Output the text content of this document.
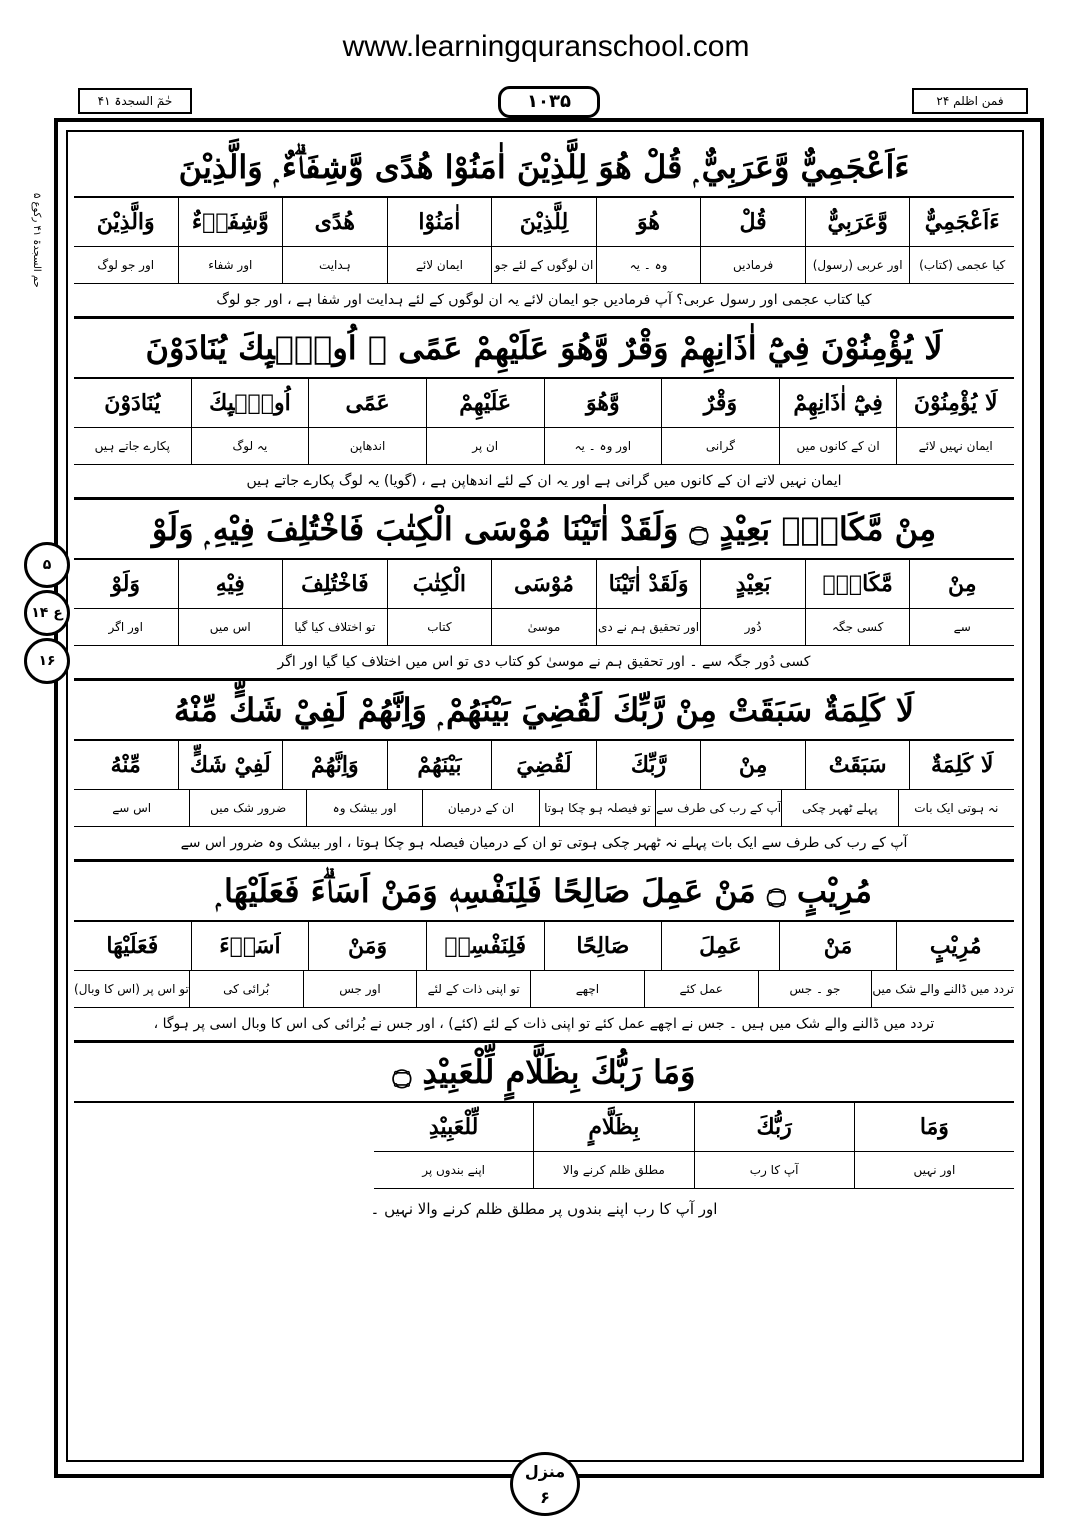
www.learningquranschool.com
حٰمٓ السجدۃ ۴۱	۱۰۳۵	فمن اظلم ۲۴
حم السجدۃ ۴۱ رکوع ۵
ءَاَعْجَمِيٌّ وَّعَرَبِيٌّ ۭ قُلْ هُوَ لِلَّذِيْنَ اٰمَنُوْا هُدًى وَّشِفَاۗءٌ ۭ وَالَّذِيْنَ
ءَاَعْجَمِيٌّ
وَّعَرَبِيٌّ
قُلْ
هُوَ
لِلَّذِيْنَ
اٰمَنُوْا
هُدًى
وَّشِفَاۗءٌ
وَالَّذِيْنَ
کیا عجمی (کتاب)
اور عربی (رسول)
فرمادیں
وہ ۔ یہ
ان لوگوں کے لئے جو
ایمان لائے
ہدایت
اور شفاء
اور جو لوگ
کیا کتاب عجمی اور رسول عربی؟ آپ فرمادیں جو ایمان لائے یہ ان لوگوں کے لئے ہدایت اور شفا ہے ، اور جو لوگ
لَا يُؤْمِنُوْنَ فِيْٓ اٰذَانِهِمْ وَقْرٌ وَّهُوَ عَلَيْهِمْ عَمًى ۭ اُولٰۗىِٕكَ يُنَادَوْنَ
لَا يُؤْمِنُوْنَ
فِيْٓ اٰذَانِهِمْ
وَقْرٌ
وَّهُوَ
عَلَيْهِمْ
عَمًى
اُولٰۗىِٕكَ
يُنَادَوْنَ
ایمان نہیں لائے
ان کے کانوں میں
گرانی
اور وہ ۔ یہ
ان پر
اندھاپن
یہ لوگ
پکارے جاتے ہیں
ایمان نہیں لاتے ان کے کانوں میں گرانی ہے اور یہ ان کے لئے اندھاپن ہے ، (گویا) یہ لوگ پکارے جاتے ہیں
مِنْ مَّكَانٍۢ بَعِيْدٍ ۝ وَلَقَدْ اٰتَيْنَا مُوْسَى الْكِتٰبَ فَاخْتُلِفَ فِيْهِ ۭ وَلَوْ
مِنْ
مَّكَانٍۢ
بَعِيْدٍ
وَلَقَدْ اٰتَيْنَا
مُوْسَى
الْكِتٰبَ
فَاخْتُلِفَ
فِيْهِ
وَلَوْ
سے
کسی جگہ
دُور
اور تحقیق ہم نے دی
موسیٰ
کتاب
تو اختلاف کیا گیا
اس میں
اور اگر
کسی دُور جگہ سے ۔ اور تحقیق ہم نے موسیٰ کو کتاب دی تو اس میں اختلاف کیا گیا اور اگر
لَا كَلِمَةٌ سَبَقَتْ مِنْ رَّبِّكَ لَقُضِيَ بَيْنَهُمْ ۭ وَاِنَّهُمْ لَفِيْ شَكٍّ مِّنْهُ
لَا كَلِمَةٌ
سَبَقَتْ
مِنْ
رَّبِّكَ
لَقُضِيَ
بَيْنَهُمْ
وَاِنَّهُمْ
لَفِيْ شَكٍّ
مِّنْهُ
نہ ہوتی ایک بات
پہلے ٹھہر چکی
آپ کے رب کی طرف سے
تو فیصلہ ہو چکا ہوتا
ان کے درمیان
اور بیشک وہ
ضرور شک میں
اس سے
آپ کے رب کی طرف سے ایک بات پہلے نہ ٹھہر چکی ہوتی تو ان کے درمیان فیصلہ ہو چکا ہوتا ، اور بیشک وہ ضرور اس سے
مُرِيْبٍ ۝ مَنْ عَمِلَ صَالِحًا فَلِنَفْسِهٖ وَمَنْ اَسَاۗءَ فَعَلَيْهَا ۭ
مُرِيْبٍ
مَنْ
عَمِلَ
صَالِحًا
فَلِنَفْسِهٖ
وَمَنْ
اَسَاۗءَ
فَعَلَيْهَا
تردد میں ڈالنے والے شک میں
جو ۔ جس
عمل کئے
اچھے
تو اپنی ذات کے لئے
اور جس
بُرائی کی
تو اس پر (اس کا وبال)
تردد میں ڈالنے والے شک میں ہیں ۔ جس نے اچھے عمل کئے تو اپنی ذات کے لئے (کئے) ، اور جس نے بُرائی کی اس کا وبال اسی پر ہوگا ،
وَمَا رَبُّكَ بِظَلَّامٍ لِّلْعَبِيْدِ ۝
وَمَا
رَبُّكَ
بِظَلَّامٍ
لِّلْعَبِيْدِ
اور نہیں
آپ کا رب
مطلق ظلم کرنے والا
اپنے بندوں پر
اور آپ کا رب اپنے بندوں پر مطلق ظلم کرنے والا نہیں ۔
۵
ع ۱۴
۱۶
منزل
۶
